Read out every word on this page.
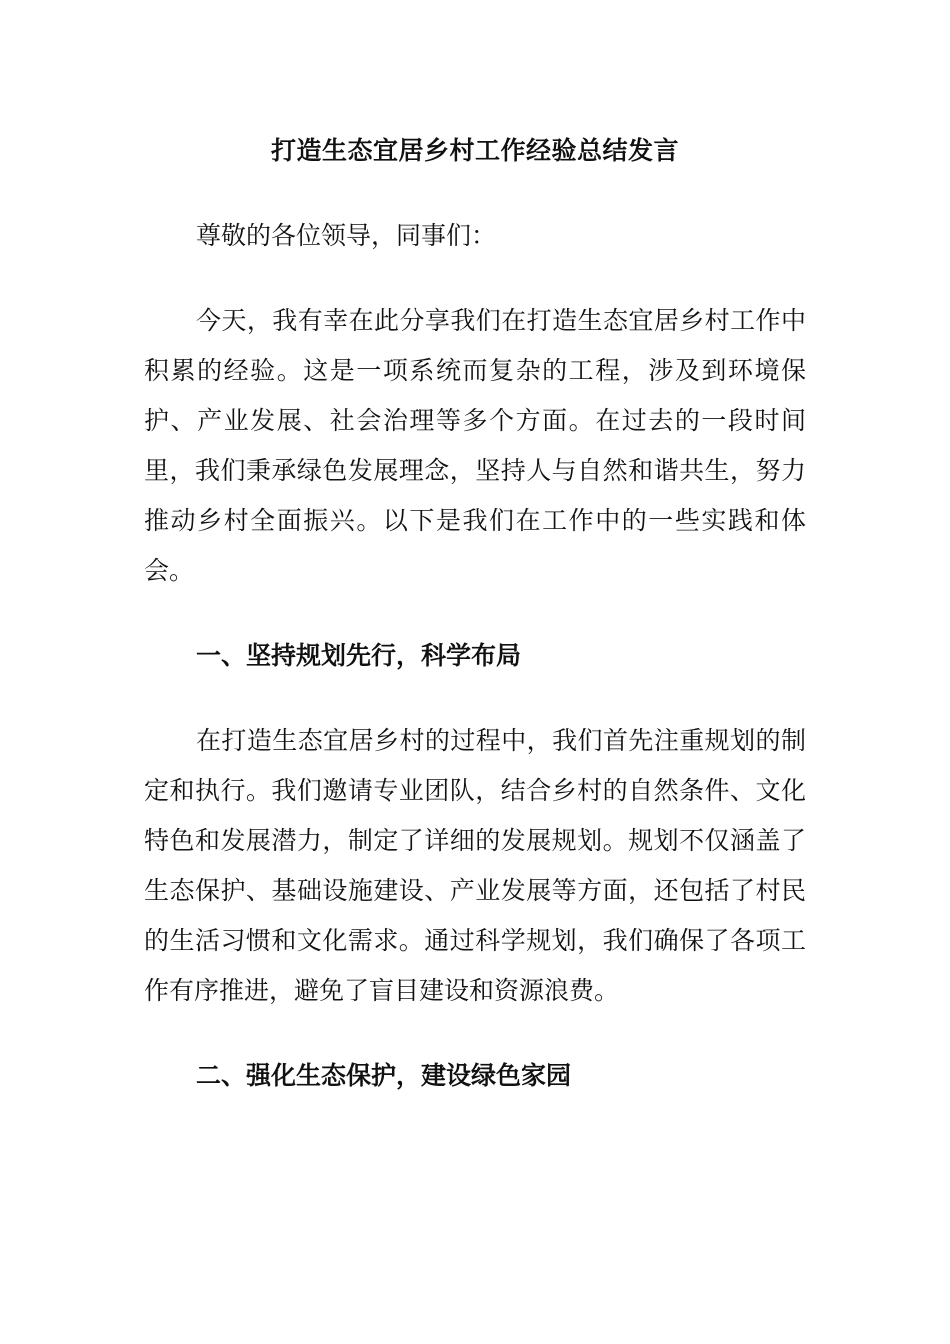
打造生态宜居乡村工作经验总结发言

尊敬的各位领导，同事们：

今天，我有幸在此分享我们在打造生态宜居乡村工作中积累的经验。这是一项系统而复杂的工程，涉及到环境保护、产业发展、社会治理等多个方面。在过去的一段时间里，我们秉承绿色发展理念，坚持人与自然和谐共生，努力推动乡村全面振兴。以下是我们在工作中的一些实践和体会。

一、坚持规划先行，科学布局

在打造生态宜居乡村的过程中，我们首先注重规划的制定和执行。我们邀请专业团队，结合乡村的自然条件、文化特色和发展潜力，制定了详细的发展规划。规划不仅涵盖了生态保护、基础设施建设、产业发展等方面，还包括了村民的生活习惯和文化需求。通过科学规划，我们确保了各项工作有序推进，避免了盲目建设和资源浪费。

二、强化生态保护，建设绿色家园
